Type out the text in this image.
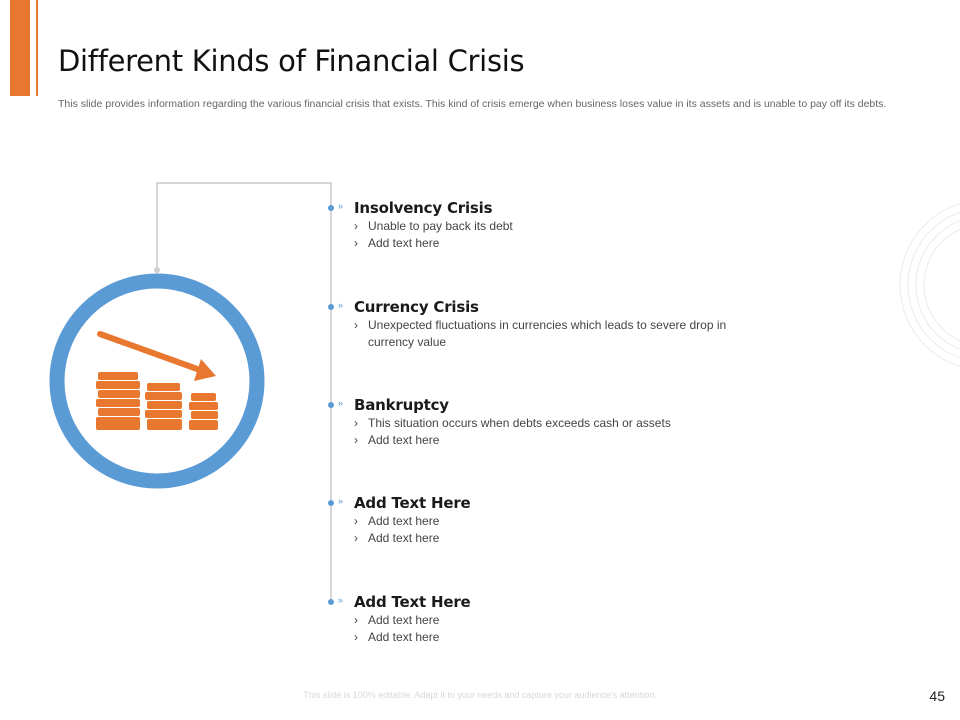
Different Kinds of Financial Crisis
This slide provides information regarding the various financial crisis that exists. This kind of crisis emerge when business loses value in its assets and is unable to pay off its debts.
» Insolvency Crisis
› Unable to pay back its debt
› Add text here
» Currency Crisis
› Unexpected fluctuations in currencies which leads to severe drop in currency value
» Bankruptcy
› This situation occurs when debts exceeds cash or assets
› Add text here
» Add Text Here
› Add text here
› Add text here
» Add Text Here
› Add text here
› Add text here
This slide is 100% editable. Adapt it to your needs and capture your audience's attention.	45
